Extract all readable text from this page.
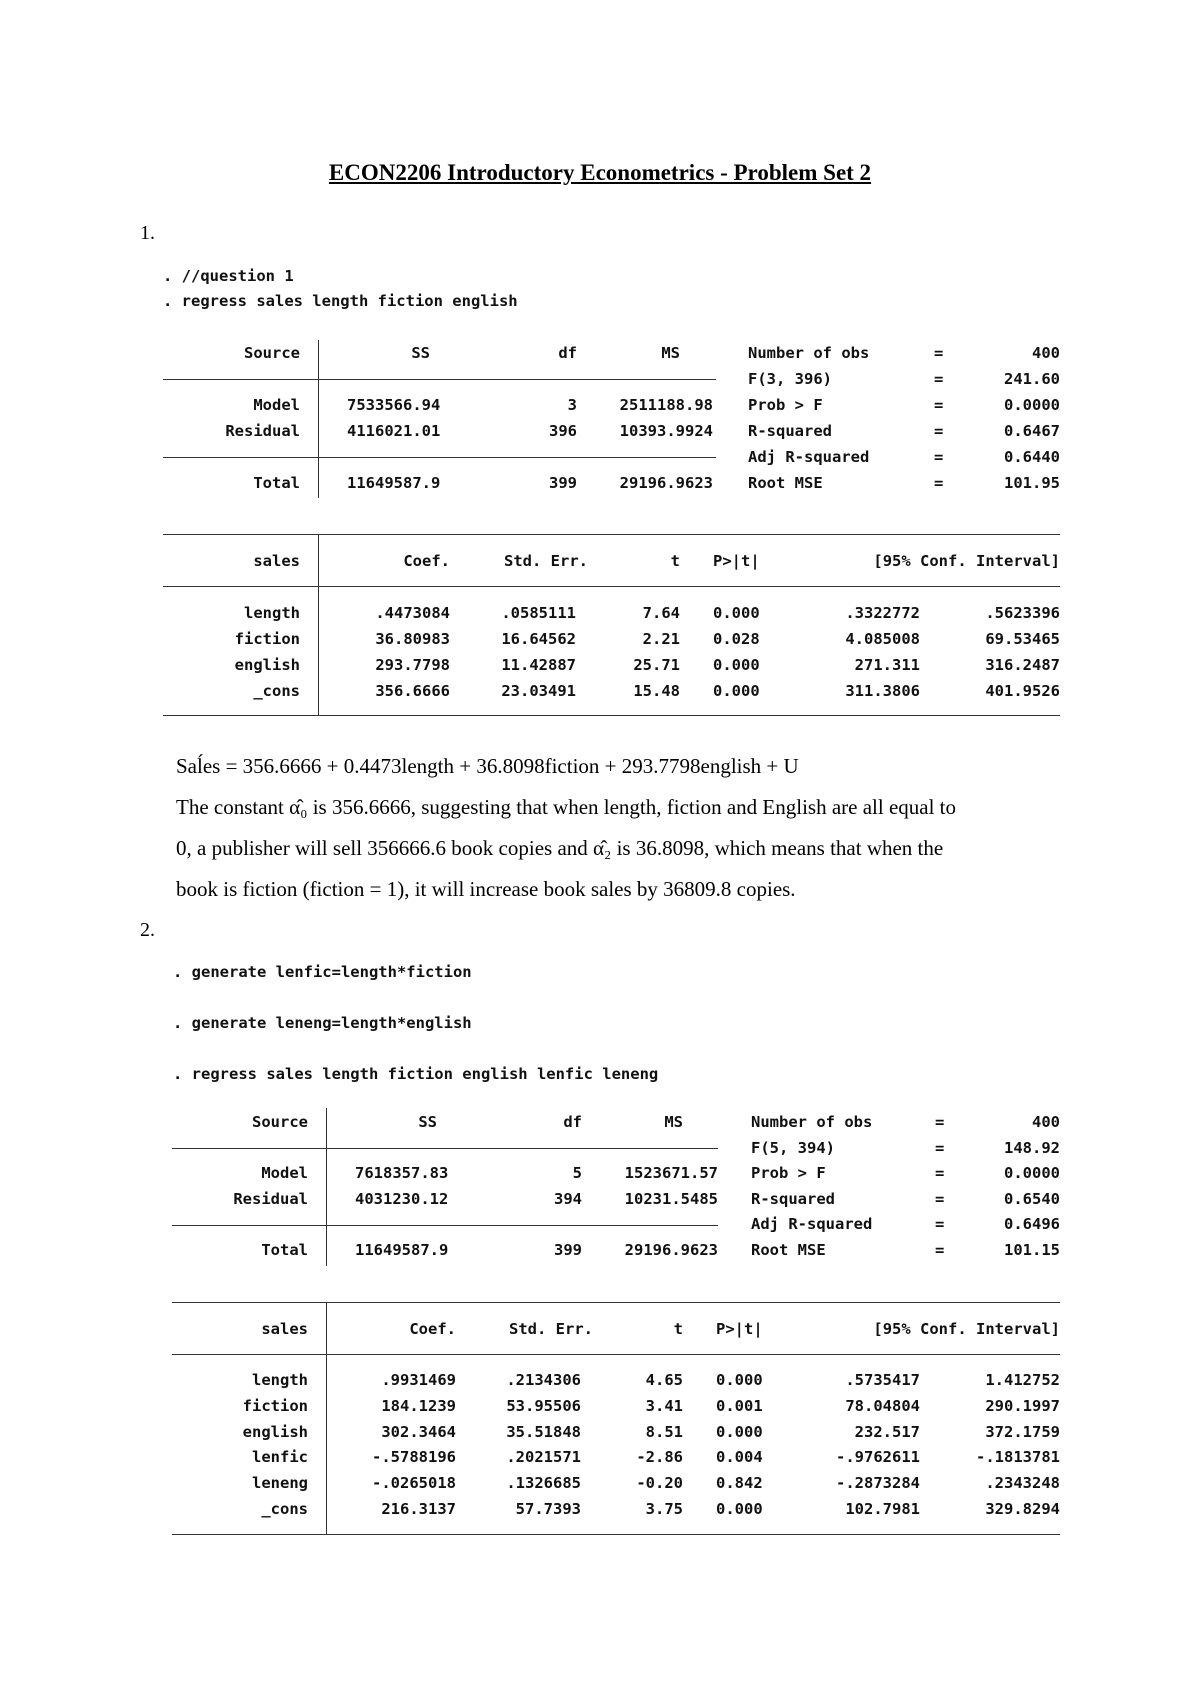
ECON2206 Introductory Econometrics - Problem Set 2
1.
. //question 1
. regress sales length fiction english
Source	SS	df	MS
Model	7533566.94	3	2511188.98
Residual	4116021.01	396	10393.9924
Total	11649587.9	399	29196.9623
Number of obs	=	400
F(3, 396)	=	241.60
Prob > F	=	0.0000
R-squared	=	0.6467
Adj R-squared	=	0.6440
Root MSE	=	101.95
sales	Coef.	Std. Err.	t P>|t|	[95% Conf. Interval]
length	.4473084	.0585111	7.64 0.000	.3322772	.5623396
fiction	36.80983	16.64562	2.21 0.028	4.085008	69.53465
english	293.7798	11.42887	25.71 0.000	271.311	316.2487
_cons	356.6666	23.03491	15.48 0.000	311.3806	401.9526

Saĺes = 356.6666 + 0.4473length + 36.8098fiction + 293.7798english + U

The constant α̂₀ is 356.6666, suggesting that when length, fiction and English are all equal to

0, a publisher will sell 356666.6 book copies and α̂₂ is 36.8098, which means that when the

book is fiction (fiction = 1), it will increase book sales by 36809.8 copies.

2.
. generate lenfic=length*fiction
. generate leneng=length*english
. regress sales length fiction english lenfic leneng
Source	SS	df	MS
Model	7618357.83	5	1523671.57
Residual	4031230.12	394	10231.5485
Total	11649587.9	399	29196.9623
Number of obs	=	400
F(5, 394)	=	148.92
Prob > F	=	0.0000
R-squared	=	0.6540
Adj R-squared	=	0.6496
Root MSE	=	101.15
sales	Coef.	Std. Err.	t P>|t|	[95% Conf. Interval]
length	.9931469	.2134306	4.65 0.000	.5735417	1.412752
fiction	184.1239	53.95506	3.41 0.001	78.04804	290.1997
english	302.3464	35.51848	8.51 0.000	232.517	372.1759
lenfic	-.5788196	.2021571	-2.86 0.004	-.9762611	-.1813781
leneng	-.0265018	.1326685	-0.20 0.842	-.2873284	.2343248
_cons	216.3137	57.7393	3.75 0.000	102.7981	329.8294
